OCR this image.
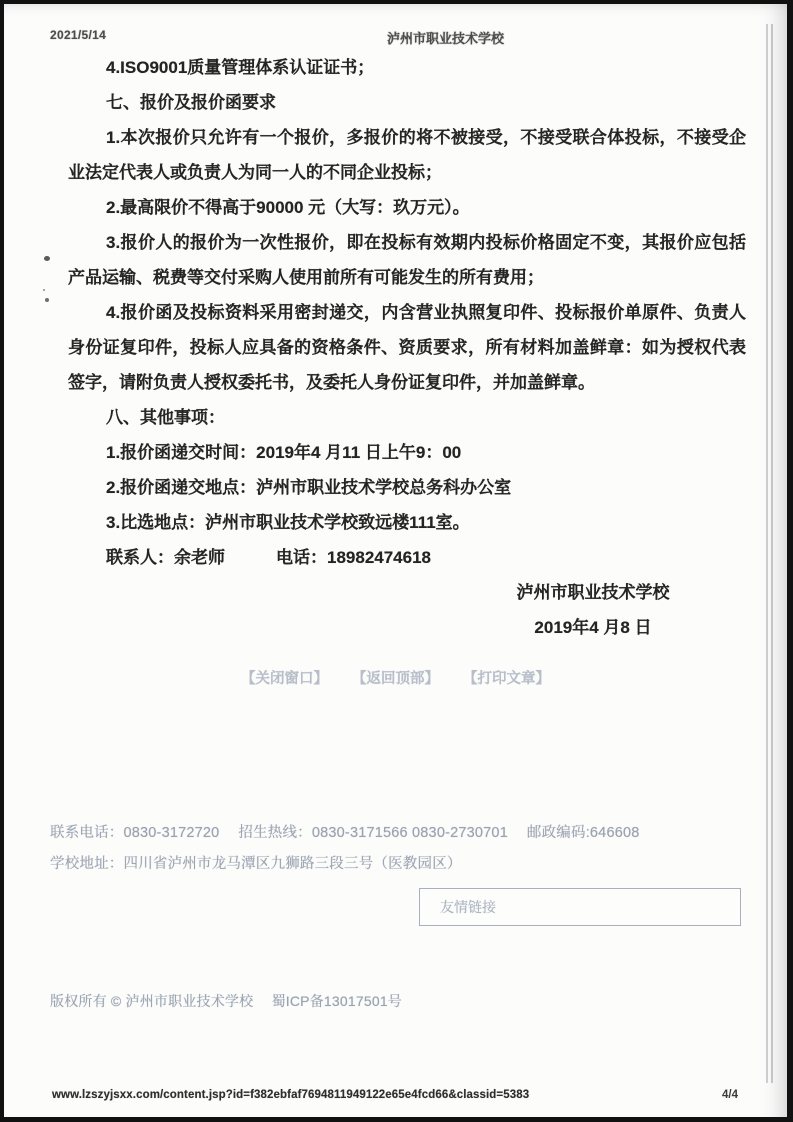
2021/5/14	泸州市职业技术学校

4.ISO9001质量管理体系认证证书；

七、报价及报价函要求

1.本次报价只允许有一个报价，多报价的将不被接受，不接受联合体投标，不接受企业法定代表人或负责人为同一人的不同企业投标；

2.最高限价不得高于90000 元（大写：玖万元）。

3.报价人的报价为一次性报价，即在投标有效期内投标价格固定不变，其报价应包括产品运输、税费等交付采购人使用前所有可能发生的所有费用；

4.报价函及投标资料采用密封递交，内含营业执照复印件、投标报价单原件、负责人身份证复印件，投标人应具备的资格条件、资质要求，所有材料加盖鲜章：如为授权代表签字，请附负责人授权委托书，及委托人身份证复印件，并加盖鲜章。

八、其他事项：

1.报价函递交时间：2019年4 月11 日上午9：00

2.报价函递交地点：泸州市职业技术学校总务科办公室

3.比选地点：泸州市职业技术学校致远楼111室。

联系人：余老师　　　电话：18982474618

泸州市职业技术学校

2019年4 月8 日

【关闭窗口】 【返回顶部】 【打印文章】
联系电话：0830-3172720　 招生热线：0830-3171566 0830-2730701　 邮政编码:646608
学校地址：四川省泸州市龙马潭区九狮路三段三号（医教园区）
友情链接
版权所有 © 泸州市职业技术学校　 蜀ICP备13017501号
www.lzszyjsxx.com/content.jsp?id=f382ebfaf7694811949122e65e4fcd66&classid=5383	4/4
